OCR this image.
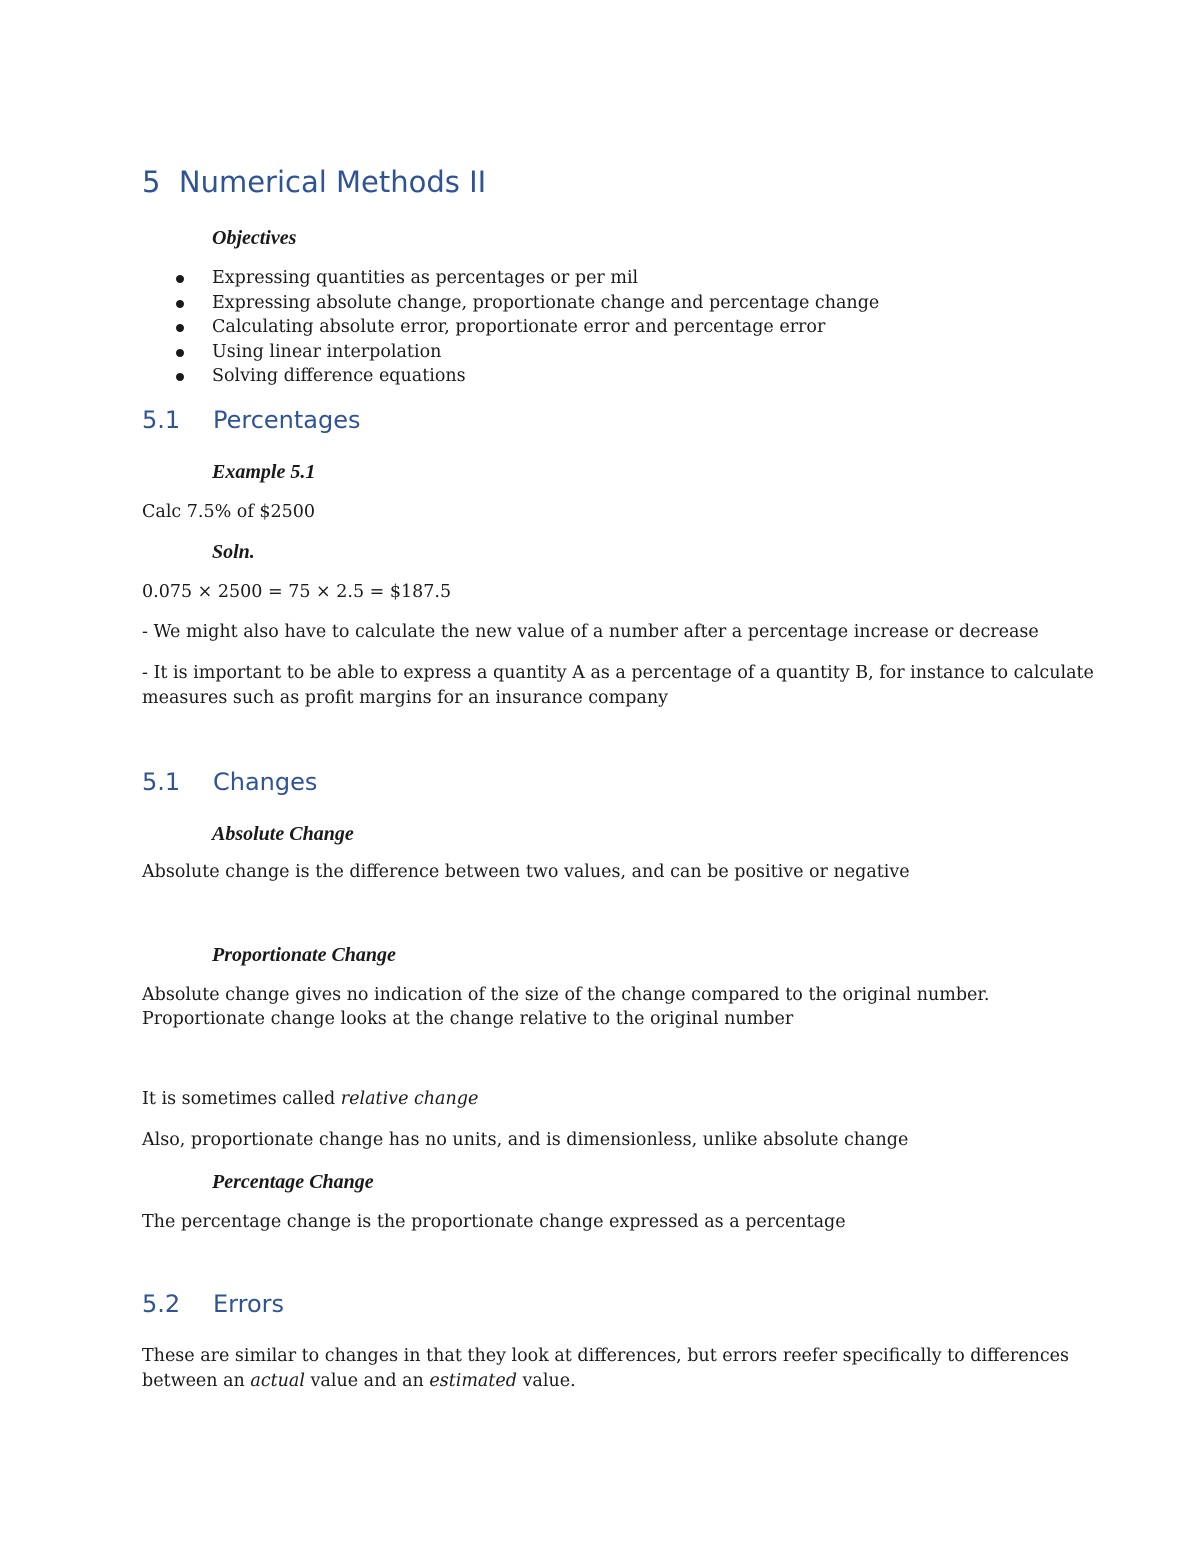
5 Numerical Methods II
Objectives
Expressing quantities as percentages or per mil
Expressing absolute change, proportionate change and percentage change
Calculating absolute error, proportionate error and percentage error
Using linear interpolation
Solving difference equations
5.1 Percentages
Example 5.1
Calc 7.5% of $2500
Soln.
0.075 × 2500 = 75 × 2.5 = $187.5
- We might also have to calculate the new value of a number after a percentage increase or decrease
- It is important to be able to express a quantity A as a percentage of a quantity B, for instance to calculate
measures such as profit margins for an insurance company
5.1 Changes
Absolute Change
Absolute change is the difference between two values, and can be positive or negative
Proportionate Change
Absolute change gives no indication of the size of the change compared to the original number.
Proportionate change looks at the change relative to the original number
It is sometimes called relative change
Also, proportionate change has no units, and is dimensionless, unlike absolute change
Percentage Change
The percentage change is the proportionate change expressed as a percentage
5.2 Errors
These are similar to changes in that they look at differences, but errors reefer specifically to differences
between an actual value and an estimated value.
